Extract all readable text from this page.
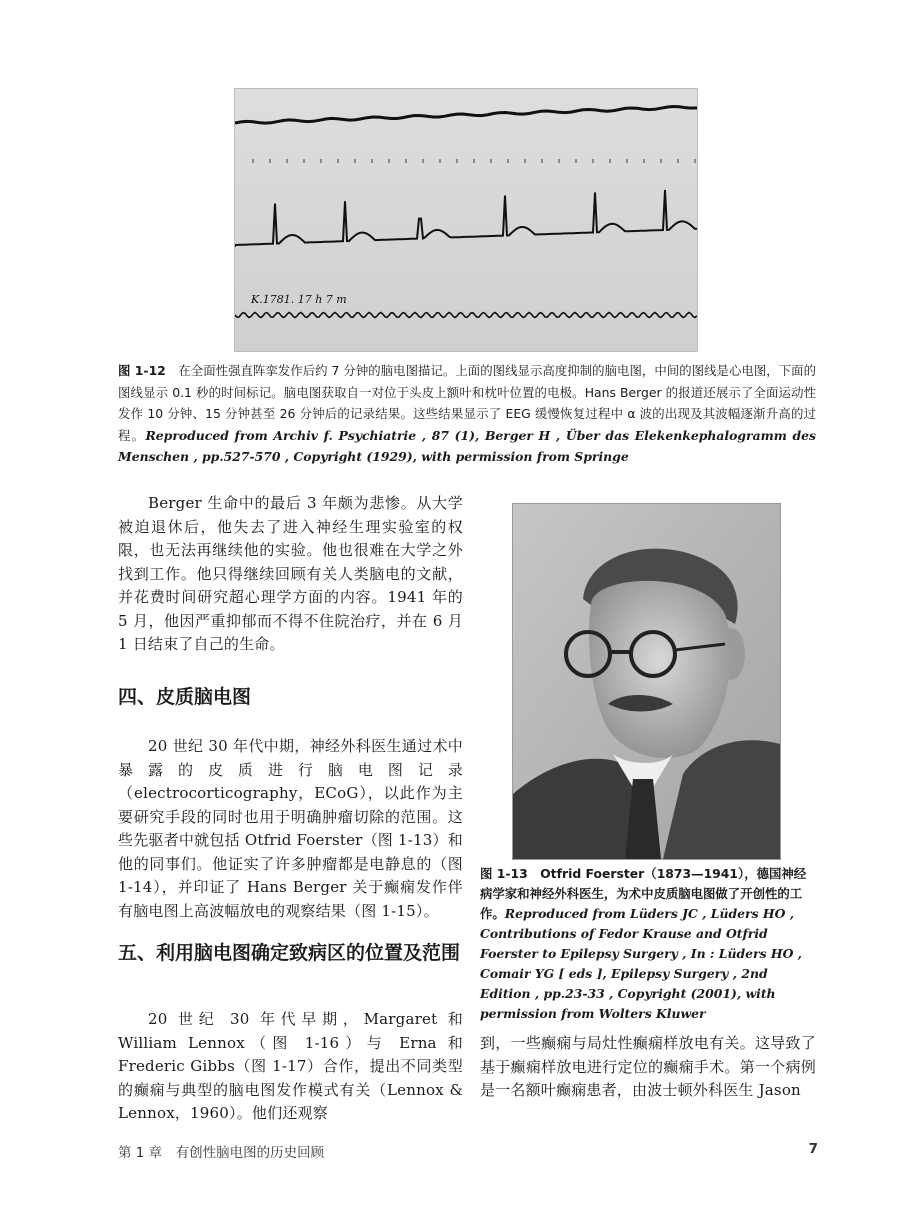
K.1781. 17 h 7 m
图 1-12　 在全面性强直阵挛发作后约 7 分钟的脑电图描记。上面的图线显示高度抑制的脑电图，中间的图线是心电图，下面的图线显示 0.1 秒的时间标记。脑电图获取自一对位于头皮上额叶和枕叶位置的电极。Hans Berger 的报道还展示了全面运动性发作 10 分钟、15 分钟甚至 26 分钟后的记录结果。这些结果显示了 EEG 缓慢恢复过程中 α 波的出现及其波幅逐渐升高的过程。Reproduced from Archiv f. Psychiatrie , 87 (1), Berger H , Über das Elekenkephalogramm des Menschen , pp.527-570 , Copyright (1929), with permission from Springe

Berger 生命中的最后 3 年颇为悲惨。从大学被迫退休后，他失去了进入神经生理实验室的权限，也无法再继续他的实验。他也很难在大学之外找到工作。他只得继续回顾有关人类脑电的文献，并花费时间研究超心理学方面的内容。1941 年的 5 月，他因严重抑郁而不得不住院治疗，并在 6 月 1 日结束了自己的生命。

四、皮质脑电图

20 世纪 30 年代中期，神经外科医生通过术中暴露的皮质进行脑电图记录（electrocorticography，ECoG），以此作为主要研究手段的同时也用于明确肿瘤切除的范围。这些先驱者中就包括 Otfrid Foerster（图 1-13）和他的同事们。他证实了许多肿瘤都是电静息的（图 1-14），并印证了 Hans Berger 关于癫痫发作伴有脑电图上高波幅放电的观察结果（图 1-15）。

五、利用脑电图确定致病区的位置及范围

20 世纪 30 年代早期，Margaret 和 William Lennox（图 1-16）与 Erna 和 Frederic Gibbs（图 1-17）合作，提出不同类型的癫痫与典型的脑电图发作模式有关（Lennox & Lennox，1960）。他们还观察

图 1-13　 Otfrid Foerster（1873—1941），德国神经病学家和神经外科医生，为术中皮质脑电图做了开创性的工作。Reproduced from Lüders JC , Lüders HO , Contributions of Fedor Krause and Otfrid Foerster to Epilepsy Surgery , In : Lüders HO , Comair YG [ eds ], Epilepsy Surgery , 2nd Edition , pp.23-33 , Copyright (2001), with permission from Wolters Kluwer

到，一些癫痫与局灶性癫痫样放电有关。这导致了基于癫痫样放电进行定位的癫痫手术。第一个病例是一名额叶癫痫患者，由波士顿外科医生 Jason

第 1 章　有创性脑电图的历史回顾	7
